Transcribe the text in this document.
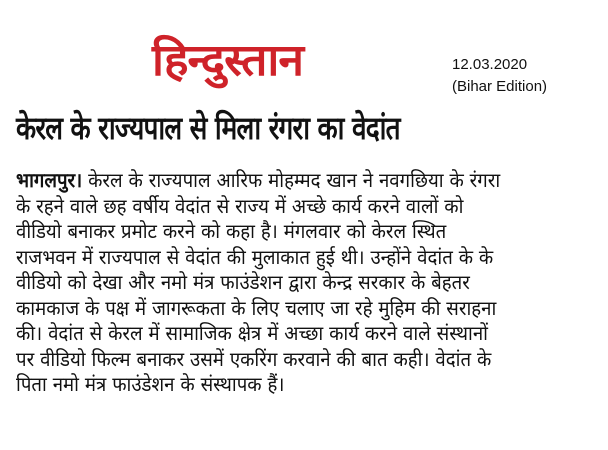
हिन्दुस्तान	12.03.2020
(Bihar Edition)
केरल के राज्यपाल से मिला रंगरा का वेदांत
भागलपुर। केरल के राज्यपाल आरिफ मोहम्मद खान ने नवगछिया के रंगरा
के रहने वाले छह वर्षीय वेदांत से राज्य में अच्छे कार्य करने वालों को
वीडियो बनाकर प्रमोट करने को कहा है। मंगलवार को केरल स्थित
राजभवन में राज्यपाल से वेदांत की मुलाकात हुई थी। उन्होंने वेदांत के के
वीडियो को देखा और नमो मंत्र फाउंडेशन द्वारा केन्द्र सरकार के बेहतर
कामकाज के पक्ष में जागरूकता के लिए चलाए जा रहे मुहिम की सराहना
की। वेदांत से केरल में सामाजिक क्षेत्र में अच्छा कार्य करने वाले संस्थानों
पर वीडियो फिल्म बनाकर उसमें एकरिंग करवाने की बात कही। वेदांत के
पिता नमो मंत्र फाउंडेशन के संस्थापक हैं।
